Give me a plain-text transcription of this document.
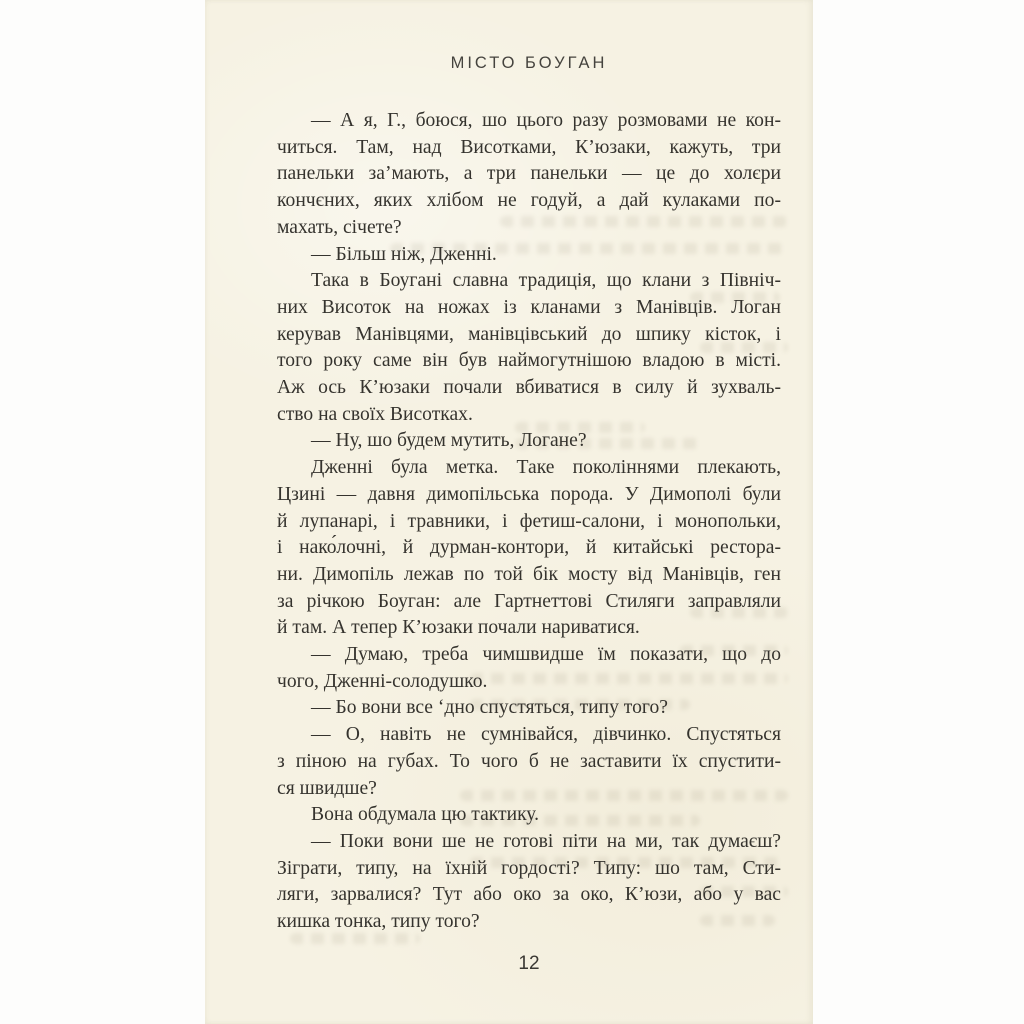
МІСТО БОУГАН
— А я, Г., боюся, шо цього разу розмовами не кон-
читься. Там, над Висотками, К’юзаки, кажуть, три
панельки за’мають, а три панельки — це до холєри
кончєних, яких хлібом не годуй, а дай кулаками по-
махать, січете?
— Більш ніж, Дженні.
Така в Боугані славна традиція, що клани з Північ-
них Висоток на ножах із кланами з Манівців. Логан
керував Манівцями, манівцівський до шпику кісток, і
того року саме він був наймогутнішою владою в місті.
Аж ось К’юзаки почали вбиватися в силу й зухваль-
ство на своїх Висотках.
— Ну, шо будем мутить, Логане?
Дженні була метка. Таке поколіннями плекають,
Цзині — давня димопільська порода. У Димополі були
й лупанарі, і травники, і фетиш-салони, і монопольки,
і нако́лочні, й дурман-контори, й китайські рестора-
ни. Димопіль лежав по той бік мосту від Манівців, ген
за річкою Боуган: але Гартнеттові Стиляги заправляли
й там. А тепер К’юзаки почали нариватися.
— Думаю, треба чимшвидше їм показати, що до
чого, Дженні-солодушко.
— Бо вони все ‘дно спустяться, типу того?
— О, навіть не сумнівайся, дівчинко. Спустяться
з піною на губах. То чого б не заставити їх спустити-
ся швидше?
Вона обдумала цю тактику.
— Поки вони ше не готові піти на ми, так думаєш?
Зіграти, типу, на їхній гордості? Типу: шо там, Сти-
ляги, зарвалися? Тут або око за око, К’юзи, або у вас
кишка тонка, типу того?
12
